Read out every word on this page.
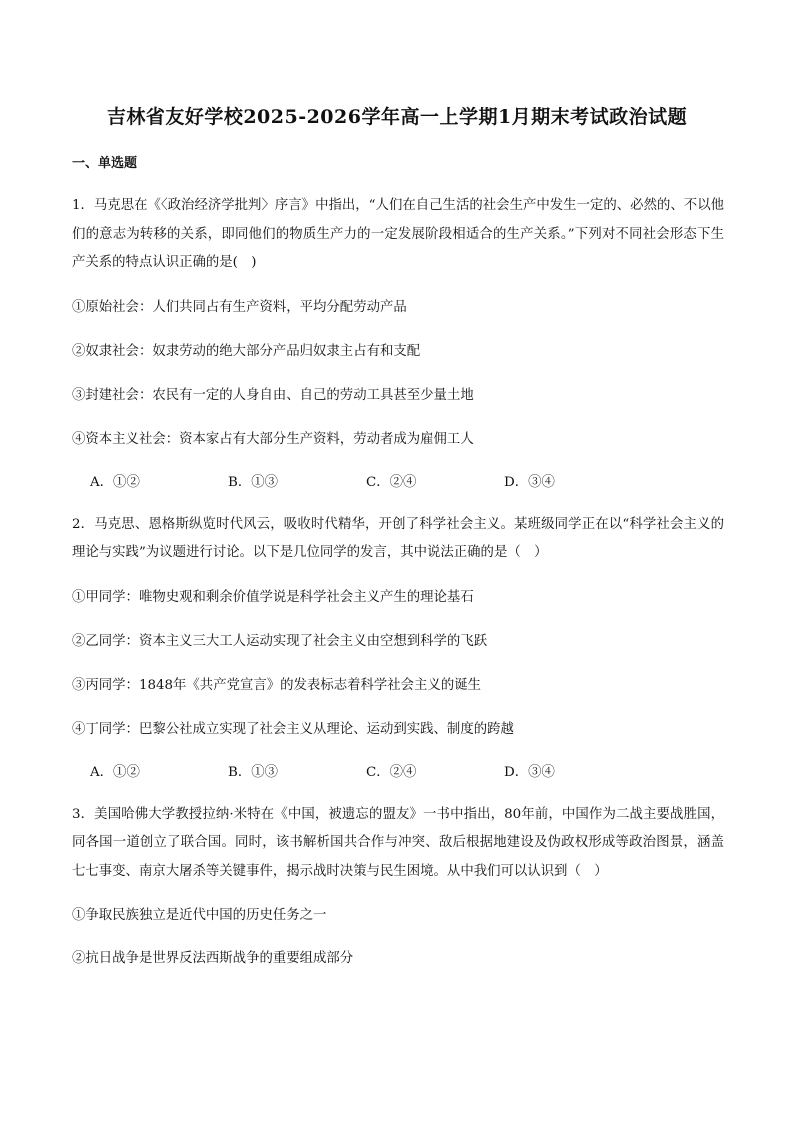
吉林省友好学校2025-2026学年高一上学期1月期末考试政治试题
一、单选题

1．马克思在《〈政治经济学批判〉序言》中指出，“人们在自己生活的社会生产中发生一定的、必然的、不以他们的意志为转移的关系，即同他们的物质生产力的一定发展阶段相适合的生产关系。”下列对不同社会形态下生产关系的特点认识正确的是(　)

①原始社会：人们共同占有生产资料，平均分配劳动产品

②奴隶社会：奴隶劳动的绝大部分产品归奴隶主占有和支配

③封建社会：农民有一定的人身自由、自己的劳动工具甚至少量土地

④资本主义社会：资本家占有大部分生产资料，劳动者成为雇佣工人

A．①②	B．①③	C．②④	D．③④

2．马克思、恩格斯纵览时代风云，吸收时代精华，开创了科学社会主义。某班级同学正在以“科学社会主义的理论与实践”为议题进行讨论。以下是几位同学的发言，其中说法正确的是（　）

①甲同学：唯物史观和剩余价值学说是科学社会主义产生的理论基石

②乙同学：资本主义三大工人运动实现了社会主义由空想到科学的飞跃

③丙同学：1848年《共产党宣言》的发表标志着科学社会主义的诞生

④丁同学：巴黎公社成立实现了社会主义从理论、运动到实践、制度的跨越

A．①②	B．①③	C．②④	D．③④

3．美国哈佛大学教授拉纳·米特在《中国，被遗忘的盟友》一书中指出，80年前，中国作为二战主要战胜国，同各国一道创立了联合国。同时，该书解析国共合作与冲突、敌后根据地建设及伪政权形成等政治图景，涵盖七七事变、南京大屠杀等关键事件，揭示战时决策与民生困境。从中我们可以认识到（　）

①争取民族独立是近代中国的历史任务之一

②抗日战争是世界反法西斯战争的重要组成部分
